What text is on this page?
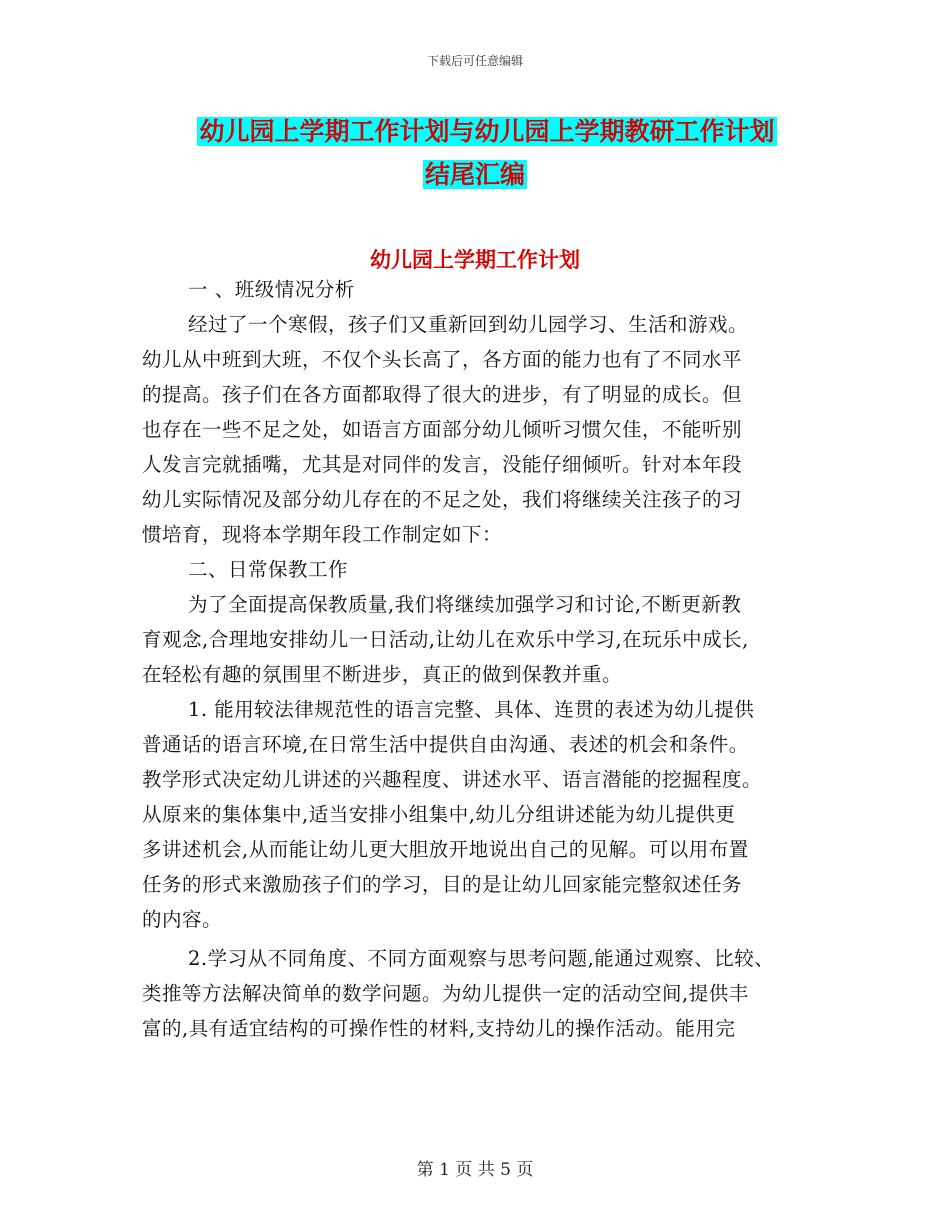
下载后可任意编辑
幼儿园上学期工作计划与幼儿园上学期教研工作计划
结尾汇编
幼儿园上学期工作计划
一 、班级情况分析
经过了一个寒假，孩子们又重新回到幼儿园学习、生活和游戏。
幼儿从中班到大班，不仅个头长高了，各方面的能力也有了不同水平
的提高。孩子们在各方面都取得了很大的进步，有了明显的成长。但
也存在一些不足之处，如语言方面部分幼儿倾听习惯欠佳，不能听别
人发言完就插嘴，尤其是对同伴的发言，没能仔细倾听。针对本年段
幼儿实际情况及部分幼儿存在的不足之处，我们将继续关注孩子的习
惯培育，现将本学期年段工作制定如下：
二、日常保教工作
为了全面提高保教质量,我们将继续加强学习和讨论,不断更新教
育观念,合理地安排幼儿一日活动,让幼儿在欢乐中学习,在玩乐中成长,
在轻松有趣的氛围里不断进步，真正的做到保教并重。
1. 能用较法律规范性的语言完整、具体、连贯的表述为幼儿提供
普通话的语言环境,在日常生活中提供自由沟通、表述的机会和条件。
教学形式决定幼儿讲述的兴趣程度、讲述水平、语言潜能的挖掘程度。
从原来的集体集中,适当安排小组集中,幼儿分组讲述能为幼儿提供更
多讲述机会,从而能让幼儿更大胆放开地说出自己的见解。可以用布置
任务的形式来激励孩子们的学习，目的是让幼儿回家能完整叙述任务
的内容。
2.学习从不同角度、不同方面观察与思考问题,能通过观察、比较、
类推等方法解决简单的数学问题。为幼儿提供一定的活动空间,提供丰
富的,具有适宜结构的可操作性的材料,支持幼儿的操作活动。能用完
第 1 页 共 5 页
